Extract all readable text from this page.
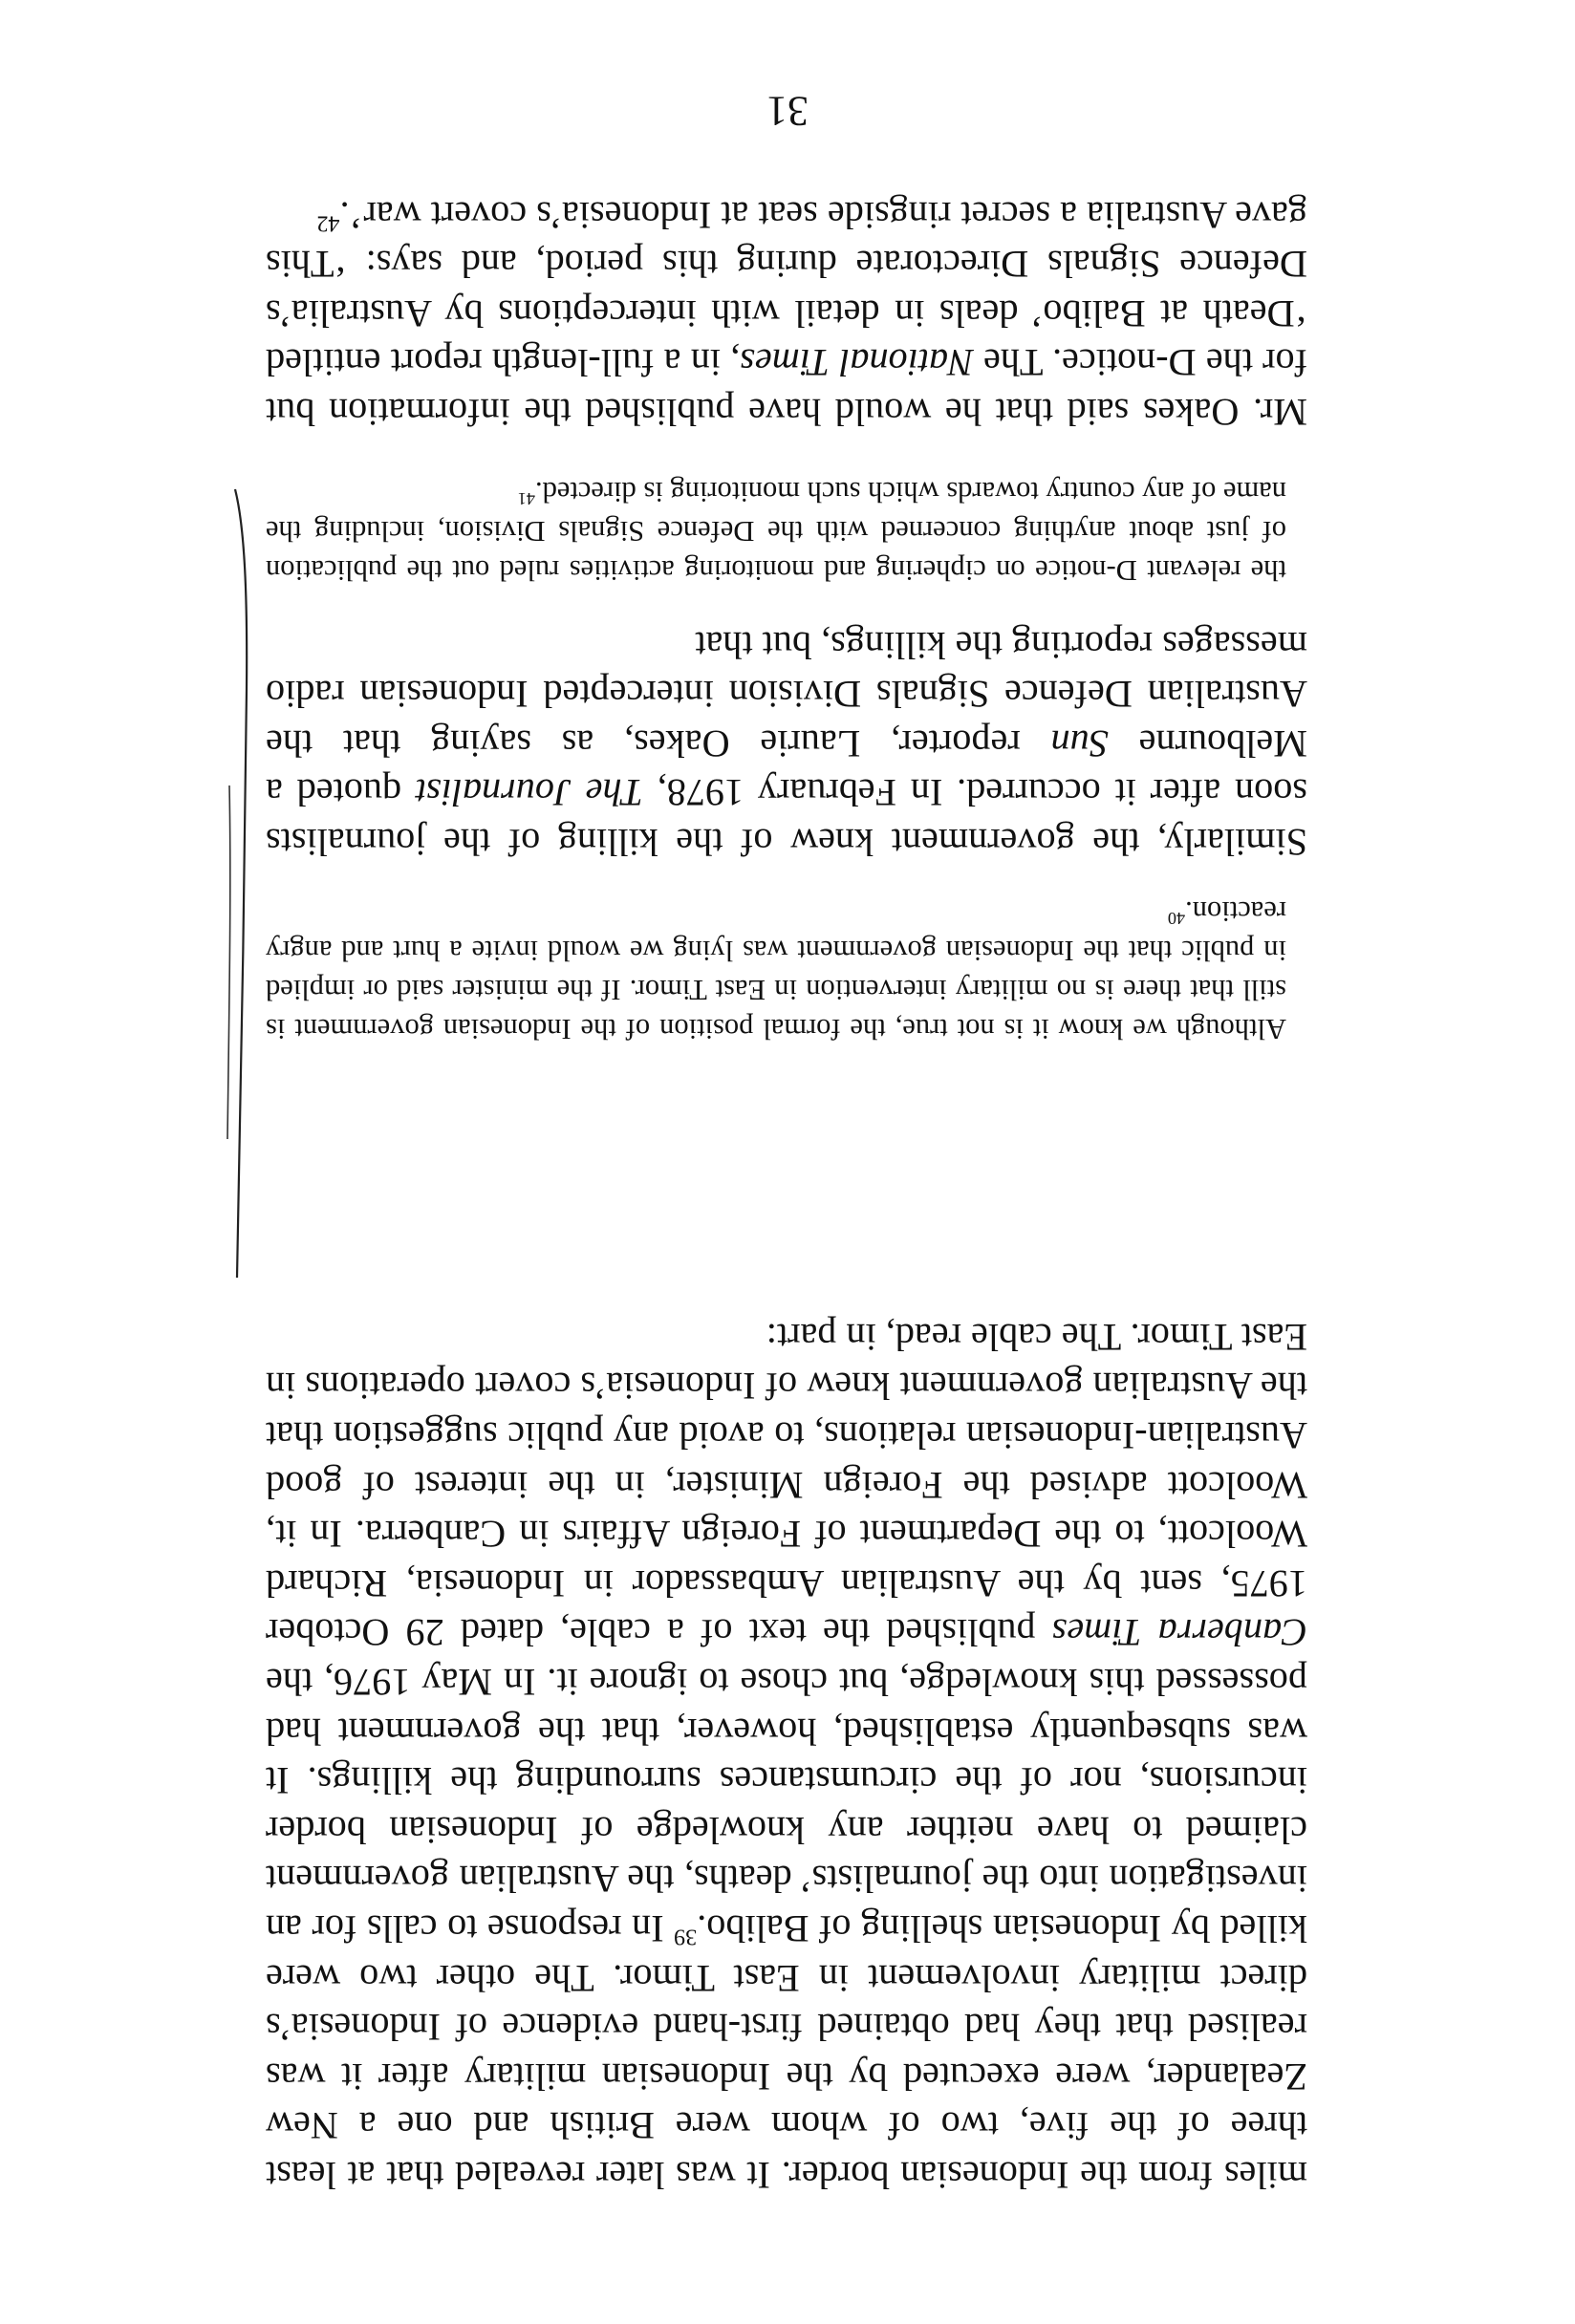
miles from the Indonesian border. It was later revealed that at least three of the five, two of whom were British and one a New Zealander, were executed by the Indonesian military after it was realised that they had obtained first-hand evidence of Indonesia’s direct military involvement in East Timor. The other two were killed by Indonesian shelling of Balibo.$^{39}$ In response to calls for an investigation into the journalists’ deaths, the Australian government claimed to have neither any knowledge of Indonesian border incursions, nor of the circumstances surrounding the killings. It was subsequently established, however, that the government had possessed this knowledge, but chose to ignore it. In May 1976, the Canberra Times published the text of a cable, dated 29 October 1975, sent by the Australian Ambassador in Indonesia, Richard Woolcott, to the Department of Foreign Affairs in Canberra. In it, Woolcott advised the Foreign Minister, in the interest of good Australian-Indonesian relations, to avoid any public suggestion that the Australian government knew of Indonesia’s covert operations in East Timor. The cable read, in part:

Although we know it is not true, the formal position of the Indonesian government is still that there is no military intervention in East Timor. If the minister said or implied in public that the Indonesian government was lying we would invite a hurt and angry reaction.$^{40}$

Similarly, the government knew of the killing of the journalists soon after it occurred. In February 1978, The Journalist quoted a Melbourne Sun reporter, Laurie Oakes, as saying that the Australian Defence Signals Division intercepted Indonesian radio messages reporting the killings, but that

the relevant D-notice on ciphering and monitoring activities ruled out the publication of just about anything concerned with the Defence Signals Division, including the name of any country towards which such monitoring is directed.$^{41}$

Mr. Oakes said that he would have published the information but for the D-notice. The National Times, in a full-length report entitled ‘Death at Balibo’ deals in detail with interceptions by Australia’s Defence Signals Directorate during this period, and says: ‘This gave Australia a secret ringside seat at Indonesia’s covert war’.$^{42}$

31
